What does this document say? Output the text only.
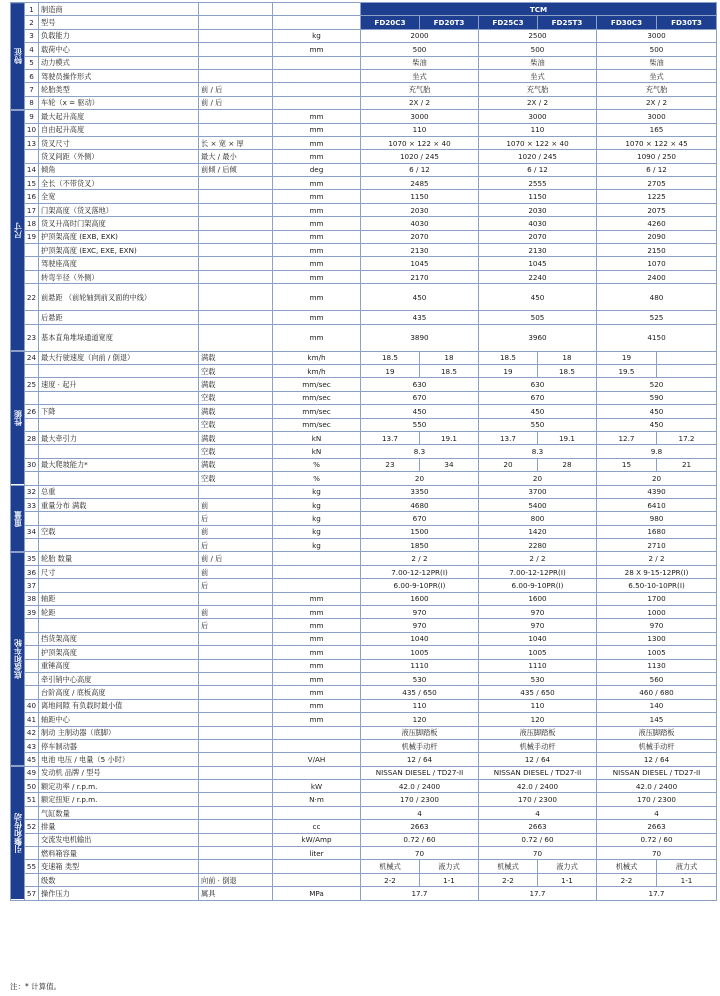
特征	1	制造商			TCM					
	2	型号			FD20C3	FD20T3	FD25C3	FD25T3	FD30C3	FD30T3
	3	负载能力		kg	2000		2500		3000	
	4	载荷中心		mm	500		500		500	
	5	动力模式			柴油		柴油		柴油	
	6	驾驶员操作形式			坐式		坐式		坐式	
	7	轮胎类型	前 / 后		充气胎		充气胎		充气胎	
	8	车轮（x = 驱动）	前 / 后		2X / 2		2X / 2		2X / 2	
尺寸	9	最大起升高度		mm	3000		3000		3000	
	10	自由起升高度		mm	110		110		165	
	13	货叉尺寸	长 × 宽 × 厚	mm	1070 × 122 × 40		1070 × 122 × 40		1070 × 122 × 45	
		货叉间距（外侧）	最大 / 最小	mm	1020 / 245		1020 / 245		1090 / 250	
	14	倾角	前倾 / 后倾	deg	6 / 12		6 / 12		6 / 12	
	15	全长（不带货叉）		mm	2485		2555		2705	
	16	全宽		mm	1150		1150		1225	
	17	门架高度（货叉落地）		mm	2030		2030		2075	
	18	货叉升高时门架高度		mm	4030		4030		4260	
	19	护顶架高度 (EXB, EXK)		mm	2070		2070		2090	
		护顶架高度 (EXC, EXE, EXN)		mm	2130		2130		2150	
		驾驶座高度		mm	1045		1045		1070	
		转弯半径（外侧）		mm	2170		2240		2400	
	22	前悬距 （前轮轴到前叉面的中线）		mm	450		450		480	
		后悬距		mm	435		505		525	
	23	基本直角堆垛通道宽度		mm	3890		3960		4150	
性能	24	最大行驶速度（向前 / 倒退）	满载	km/h	18.5	18	18.5	18	19	
			空载	km/h	19	18.5	19	18.5	19.5	
	25	速度 · 起升	满载	mm/sec	630		630		520	
			空载	mm/sec	670		670		590	
	26	下降	满载	mm/sec	450		450		450	
			空载	mm/sec	550		550		450	
	28	最大牵引力	满载	kN	13.7	19.1	13.7	19.1	12.7	17.2
			空载	kN	8.3		8.3		9.8	
	30	最大爬坡能力*	满载	%	23	34	20	28	15	21
			空载	%	20		20		20	
重量	32	总重		kg	3350		3700		4390	
	33	重量分布 满载	前	kg	4680		5400		6410	
			后	kg	670		800		980	
	34	空载	前	kg	1500		1420		1680	
			后	kg	1850		2280		2710	
底盘和车轮	35	轮胎 数量	前 / 后		2 / 2		2 / 2		2 / 2	
	36	尺寸	前		7.00-12-12PR(I)		7.00-12-12PR(I)		28 X 9-15-12PR(I)	
	37		后		6.00-9-10PR(I)		6.00-9-10PR(I)		6.50-10-10PR(I)	
	38	轴距		mm	1600		1600		1700	
	39	轮距	前	mm	970		970		1000	
			后	mm	970		970		970	
		挡货架高度		mm	1040		1040		1300	
		护顶架高度		mm	1005		1005		1005	
		重锤高度		mm	1110		1110		1130	
		牵引销中心高度		mm	530		530		560	
		台阶高度 / 底板高度		mm	435 / 650		435 / 650		460 / 680	
	40	离地间隙 有负载时最小值		mm	110		110		140	
	41	轴距中心		mm	120		120		145	
	42	制动 主制动器（底脚）			液压脚踏板		液压脚踏板		液压脚踏板	
	43	停车制动器			机械手动杆		机械手动杆		机械手动杆	
	45	电池 电压 / 电量（5 小时）		V/AH	12 / 64		12 / 64		12 / 64	
引擎和传动	49	发动机 品牌 / 型号			NISSAN DIESEL / TD27-II		NISSAN DIESEL / TD27-II		NISSAN DIESEL / TD27-II	
	50	额定功率 / r.p.m.		kW	42.0 / 2400		42.0 / 2400		42.0 / 2400	
	51	额定扭矩 / r.p.m.		N·m	170 / 2300		170 / 2300		170 / 2300	
		气缸数量			4		4		4	
	52	排量		cc	2663		2663		2663	
		交流发电机输出		kW/Amp	0.72 / 60		0.72 / 60		0.72 / 60	
		燃料箱容量		liter	70		70		70	
	55	变速箱 类型			机械式	液力式	机械式	液力式	机械式	液力式
		级数	向前 · 倒退		2-2	1-1	2-2	1-1	2-2	1-1
	57	操作压力	属具	MPa	17.7		17.7		17.7	
注：* 计算值。
